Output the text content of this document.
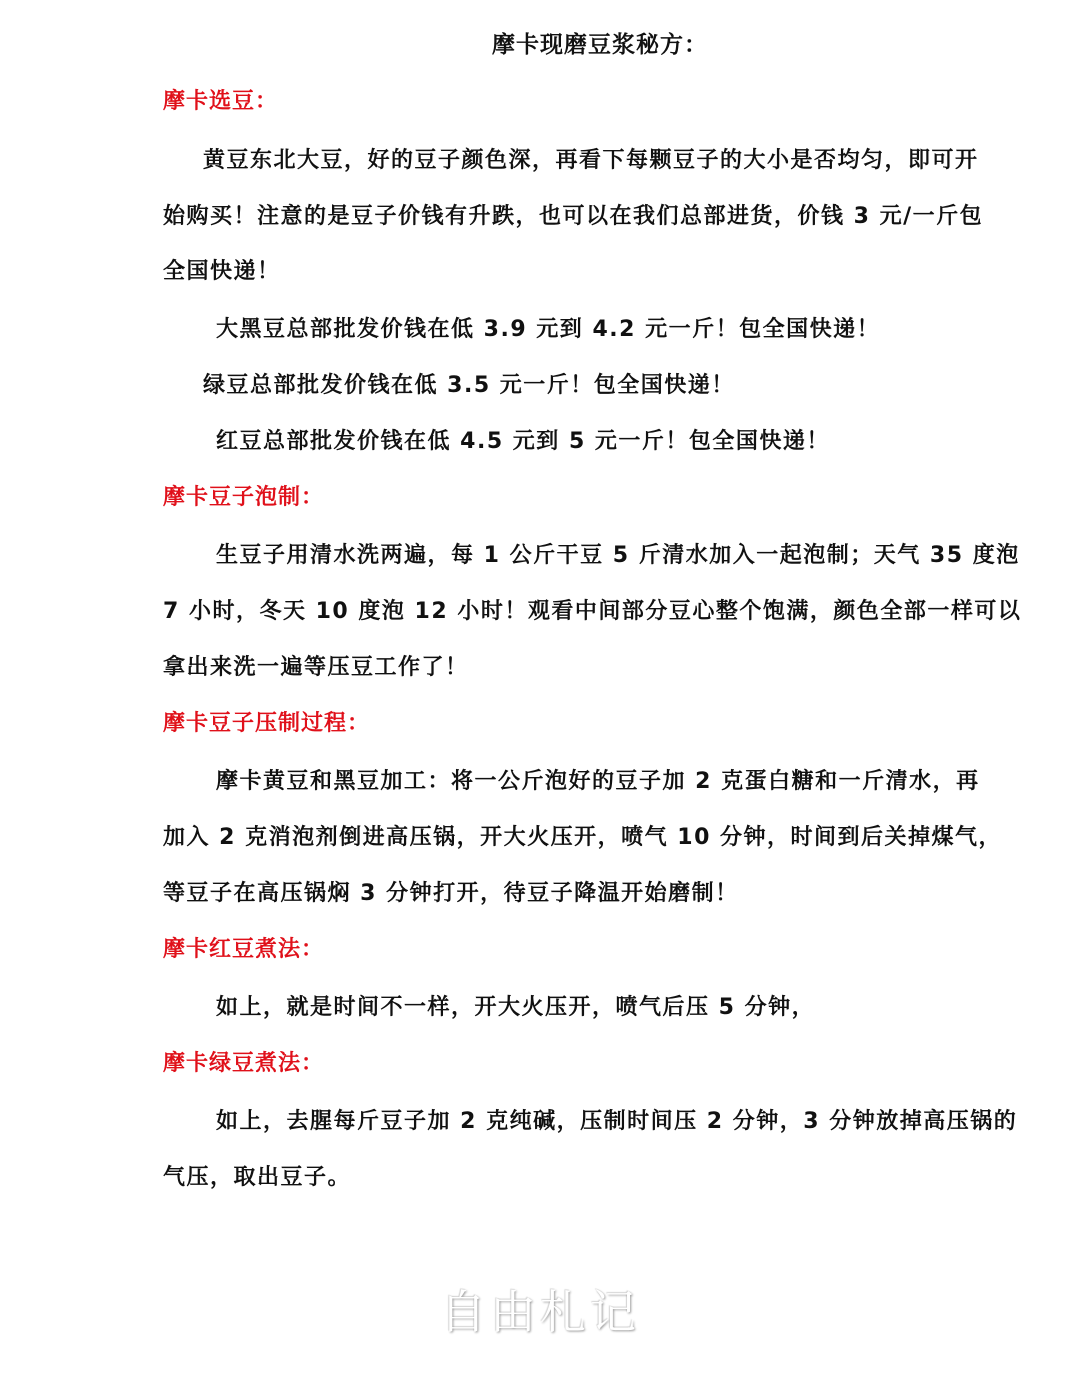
摩卡现磨豆浆秘方：
摩卡选豆：
黄豆东北大豆，好的豆子颜色深，再看下每颗豆子的大小是否均匀，即可开
始购买！注意的是豆子价钱有升跌，也可以在我们总部进货，价钱 3 元/一斤包
全国快递！
大黑豆总部批发价钱在低 3.9 元到 4.2 元一斤！包全国快递！
绿豆总部批发价钱在低 3.5 元一斤！包全国快递！
红豆总部批发价钱在低 4.5 元到 5 元一斤！包全国快递！
摩卡豆子泡制：
生豆子用清水洗两遍，每 1 公斤干豆 5 斤清水加入一起泡制；天气 35 度泡
7 小时，冬天 10 度泡 12 小时！观看中间部分豆心整个饱满，颜色全部一样可以
拿出来洗一遍等压豆工作了！
摩卡豆子压制过程：
摩卡黄豆和黑豆加工：将一公斤泡好的豆子加 2 克蛋白糖和一斤清水，再
加入 2 克消泡剂倒进高压锅，开大火压开，喷气 10 分钟，时间到后关掉煤气，
等豆子在高压锅焖 3 分钟打开，待豆子降温开始磨制！
摩卡红豆煮法：
如上，就是时间不一样，开大火压开，喷气后压 5 分钟，
摩卡绿豆煮法：
如上，去腥每斤豆子加 2 克纯碱，压制时间压 2 分钟，3 分钟放掉高压锅的
气压，取出豆子。
自由札记
